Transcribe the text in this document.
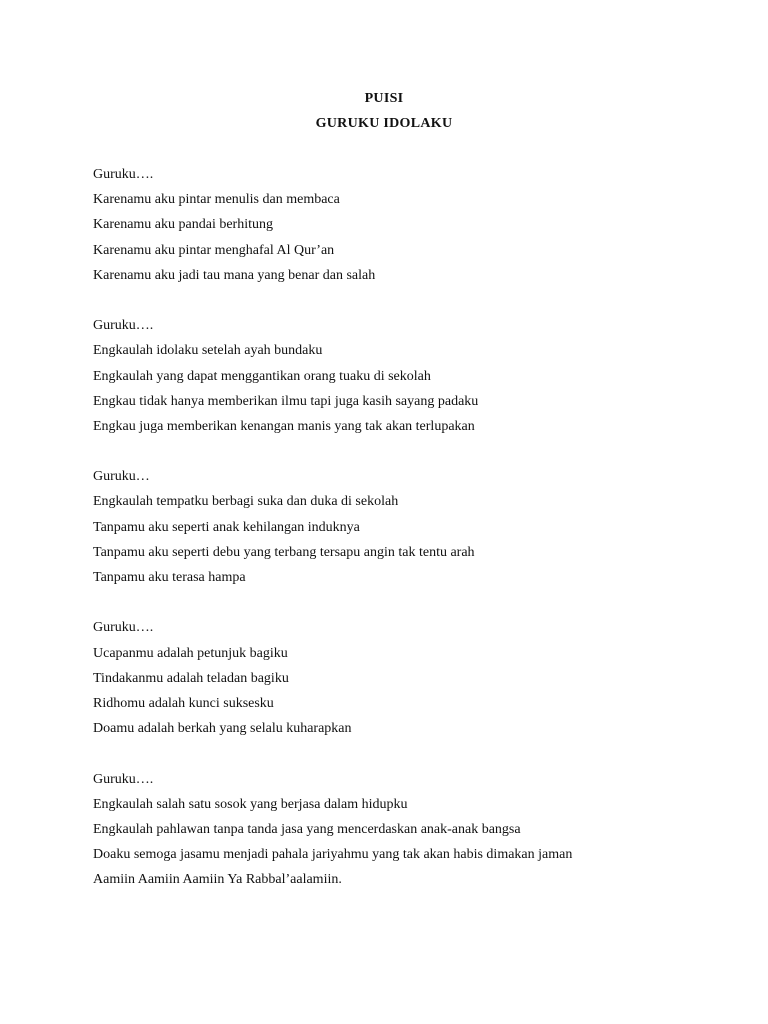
PUISI
GURUKU IDOLAKU
Guruku….
Karenamu aku pintar menulis dan membaca
Karenamu aku pandai berhitung
Karenamu aku pintar menghafal Al Qur’an
Karenamu aku jadi tau mana yang benar dan salah
Guruku….
Engkaulah idolaku setelah ayah bundaku
Engkaulah yang dapat menggantikan orang tuaku di sekolah
Engkau tidak hanya memberikan ilmu tapi juga kasih sayang padaku
Engkau juga memberikan kenangan manis yang tak akan terlupakan
Guruku…
Engkaulah tempatku berbagi suka dan duka di sekolah
Tanpamu aku seperti anak kehilangan induknya
Tanpamu aku seperti debu yang terbang tersapu angin tak tentu arah
Tanpamu aku terasa hampa
Guruku….
Ucapanmu adalah petunjuk bagiku
Tindakanmu adalah teladan bagiku
Ridhomu adalah kunci suksesku
Doamu adalah berkah yang selalu kuharapkan
Guruku….
Engkaulah salah satu sosok yang berjasa dalam hidupku
Engkaulah pahlawan tanpa tanda jasa yang mencerdaskan anak-anak bangsa
Doaku semoga jasamu menjadi pahala jariyahmu yang tak akan habis dimakan jaman
Aamiin Aamiin Aamiin Ya Rabbal’aalamiin.
